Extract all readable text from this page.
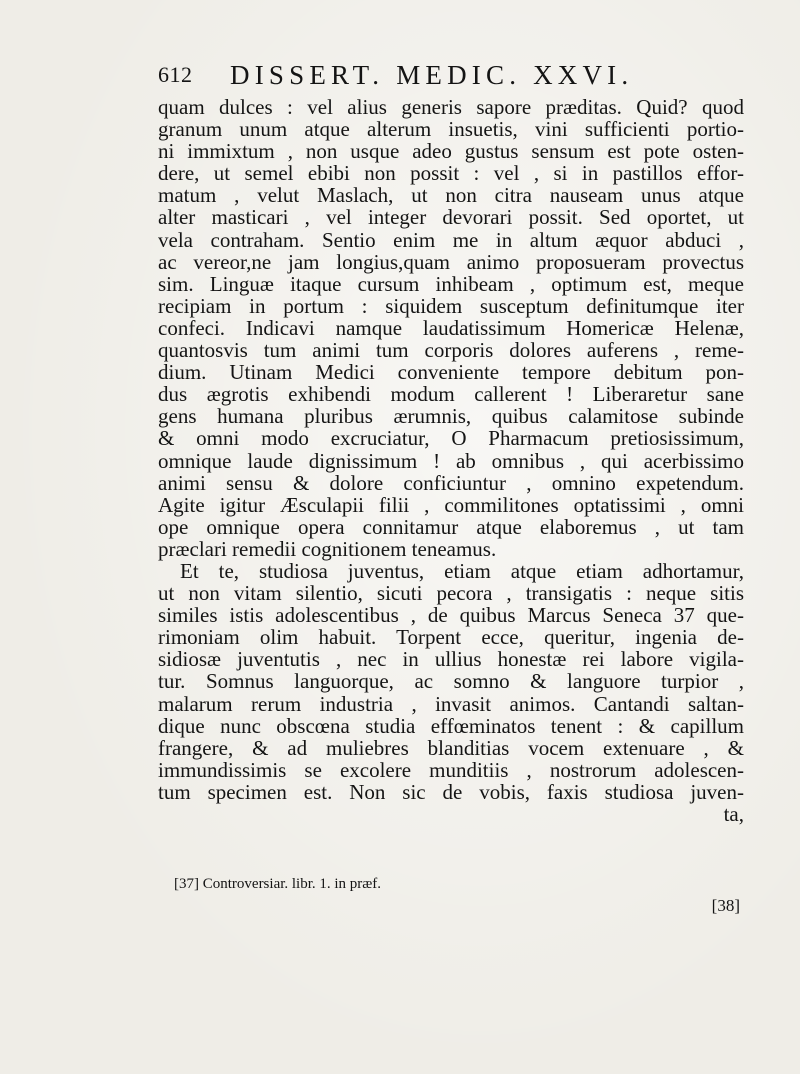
612 DISSERT. MEDIC. XXVI.
quam dulces : vel alius generis sapore præditas. Quid? quod
granum unum atque alterum insuetis, vini sufficienti portio-
ni immixtum , non usque adeo gustus sensum est pote osten-
dere, ut semel ebibi non possit : vel , si in pastillos effor-
matum , velut Maslach, ut non citra nauseam unus atque
alter masticari , vel integer devorari possit. Sed oportet, ut
vela contraham. Sentio enim me in altum æquor abduci ,
ac vereor,ne jam longius,quam animo proposueram provectus
sim. Linguæ itaque cursum inhibeam , optimum est, meque
recipiam in portum : siquidem susceptum definitumque iter
confeci. Indicavi namque laudatissimum Homericæ Helenæ,
quantosvis tum animi tum corporis dolores auferens , reme-
dium. Utinam Medici conveniente tempore debitum pon-
dus ægrotis exhibendi modum callerent ! Liberaretur sane
gens humana pluribus ærumnis, quibus calamitose subinde
& omni modo excruciatur, O Pharmacum pretiosissimum,
omnique laude dignissimum ! ab omnibus , qui acerbissimo
animi sensu & dolore conficiuntur , omnino expetendum.
Agite igitur Æsculapii filii , commilitones optatissimi , omni
ope omnique opera connitamur atque elaboremus , ut tam
præclari remedii cognitionem teneamus.
Et te, studiosa juventus, etiam atque etiam adhortamur,
ut non vitam silentio, sicuti pecora , transigatis : neque sitis
similes istis adolescentibus , de quibus Marcus Seneca 37 que-
rimoniam olim habuit. Torpent ecce, queritur, ingenia de-
sidiosæ juventutis , nec in ullius honestæ rei labore vigila-
tur. Somnus languorque, ac somno & languore turpior ,
malarum rerum industria , invasit animos. Cantandi saltan-
dique nunc obscœna studia effœminatos tenent : & capillum
frangere, & ad muliebres blanditias vocem extenuare , &
immundissimis se excolere munditiis , nostrorum adolescen-
tum specimen est. Non sic de vobis, faxis studiosa juven-
ta,
[37] Controversiar. libr. 1. in præf.
[38]
